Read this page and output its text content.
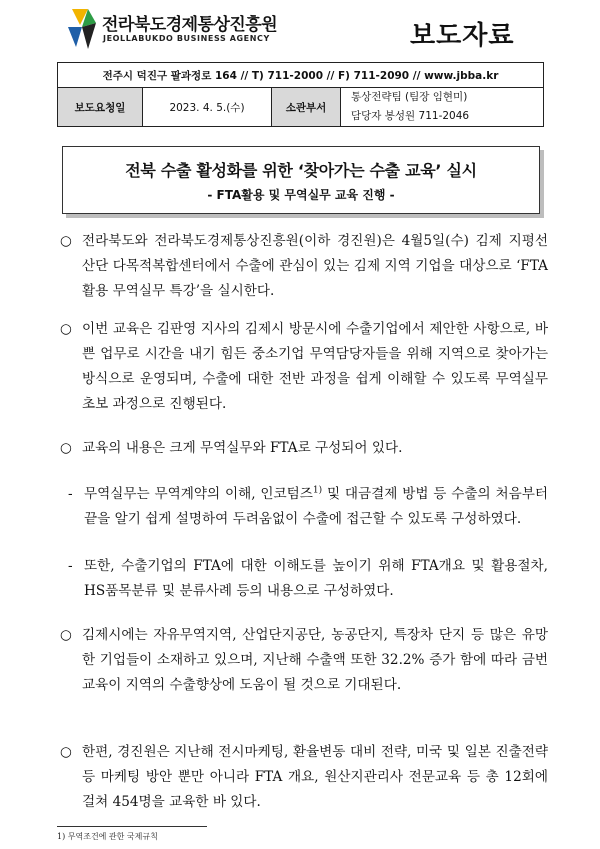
전라북도경제통상진흥원
JEOLLABUKDO BUSINESS AGENCY	보도자료
전주시 덕진구 팔과정로 164 // T) 711-2000 // F) 711-2090 // www.jbba.kr
보도요청일	2023. 4. 5.(수)	소관부서	
통상전략팀 (팀장 임현미)
담당자 봉성원 711-2046
전북 수출 활성화를 위한 ‘찾아가는 수출 교육’ 실시
- FTA활용 및 무역실무 교육 진행 -
○ 전라북도와 전라북도경제통상진흥원(이하 경진원)은 4월5일(수) 김제 지평선산단 다목적복합센터에서 수출에 관심이 있는 김제 지역 기업을 대상으로 ‘FTA 활용 무역실무 특강’을 실시한다.
○ 이번 교육은 김판영 지사의 김제시 방문시에 수출기업에서 제안한 사항으로, 바쁜 업무로 시간을 내기 힘든 중소기업 무역담당자들을 위해 지역으로 찾아가는 방식으로 운영되며, 수출에 대한 전반 과정을 쉽게 이해할 수 있도록 무역실무 초보 과정으로 진행된다.
○ 교육의 내용은 크게 무역실무와 FTA로 구성되어 있다.
- 무역실무는 무역계약의 이해, 인코텀즈$^{1)}$ 및 대금결제 방법 등 수출의 처음부터 끝을 알기 쉽게 설명하여 두려움없이 수출에 접근할 수 있도록 구성하였다.
- 또한, 수출기업의 FTA에 대한 이해도를 높이기 위해 FTA개요 및 활용절차, HS품목분류 및 분류사례 등의 내용으로 구성하였다.
○ 김제시에는 자유무역지역, 산업단지공단, 농공단지, 특장차 단지 등 많은 유망한 기업들이 소재하고 있으며, 지난해 수출액 또한 32.2% 증가 함에 따라 금번 교육이 지역의 수출향상에 도움이 될 것으로 기대된다.
○ 한편, 경진원은 지난해 전시마케팅, 환율변동 대비 전략, 미국 및 일본 진출전략 등 마케팅 방안 뿐만 아니라 FTA 개요, 원산지관리사 전문교육 등 총 12회에 걸쳐 454명을 교육한 바 있다.
1) 무역조건에 관한 국제규칙
